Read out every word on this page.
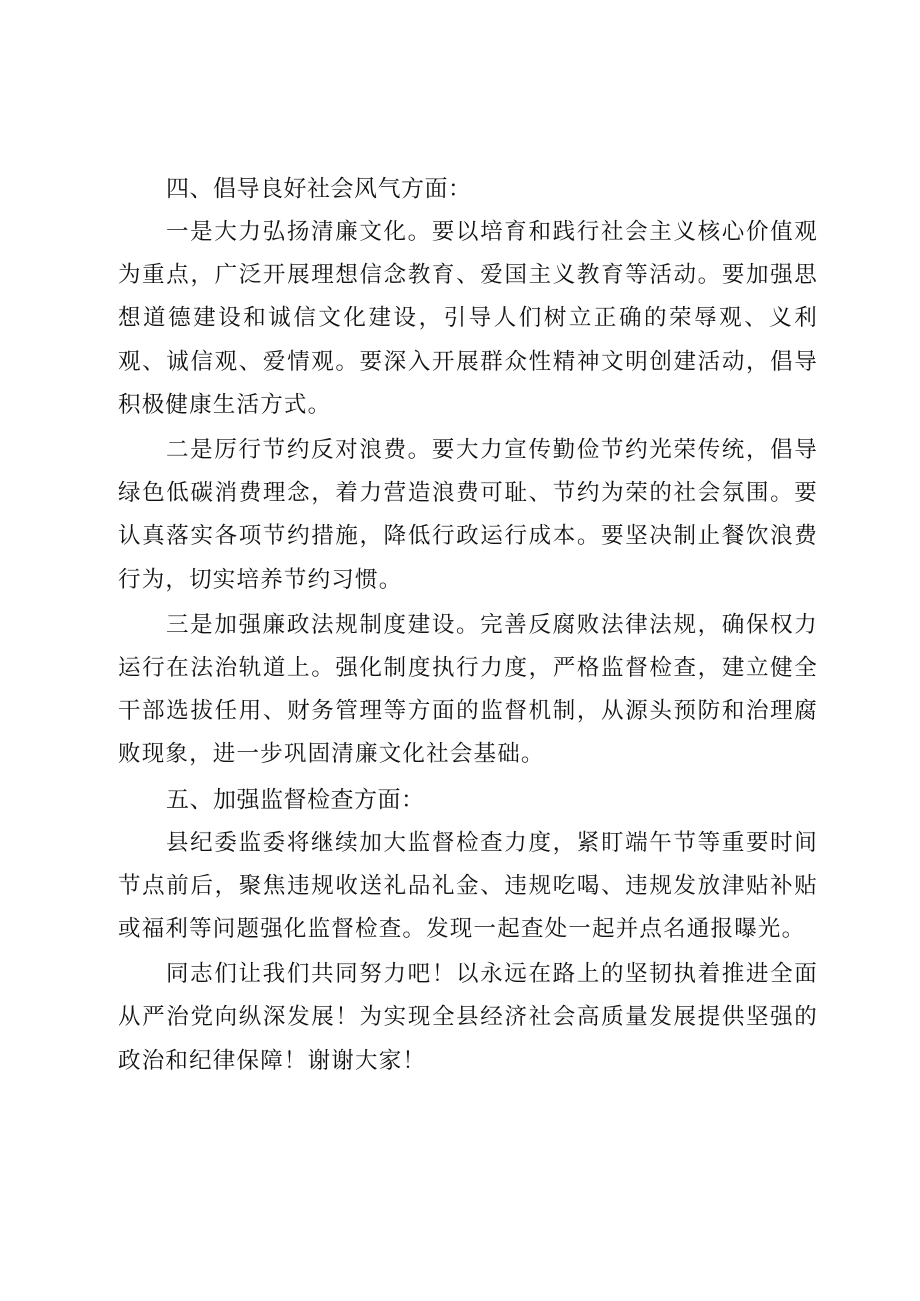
四、倡导良好社会风气方面：

一是大力弘扬清廉文化。要以培育和践行社会主义核心价值观为重点，广泛开展理想信念教育、爱国主义教育等活动。要加强思想道德建设和诚信文化建设，引导人们树立正确的荣辱观、义利观、诚信观、爱情观。要深入开展群众性精神文明创建活动，倡导积极健康生活方式。

二是厉行节约反对浪费。要大力宣传勤俭节约光荣传统，倡导绿色低碳消费理念，着力营造浪费可耻、节约为荣的社会氛围。要认真落实各项节约措施，降低行政运行成本。要坚决制止餐饮浪费行为，切实培养节约习惯。

三是加强廉政法规制度建设。完善反腐败法律法规，确保权力运行在法治轨道上。强化制度执行力度，严格监督检查，建立健全干部选拔任用、财务管理等方面的监督机制，从源头预防和治理腐败现象，进一步巩固清廉文化社会基础。

五、加强监督检查方面：

县纪委监委将继续加大监督检查力度，紧盯端午节等重要时间节点前后，聚焦违规收送礼品礼金、违规吃喝、违规发放津贴补贴或福利等问题强化监督检查。发现一起查处一起并点名通报曝光。

同志们让我们共同努力吧！以永远在路上的坚韧执着推进全面从严治党向纵深发展！为实现全县经济社会高质量发展提供坚强的政治和纪律保障！谢谢大家！
